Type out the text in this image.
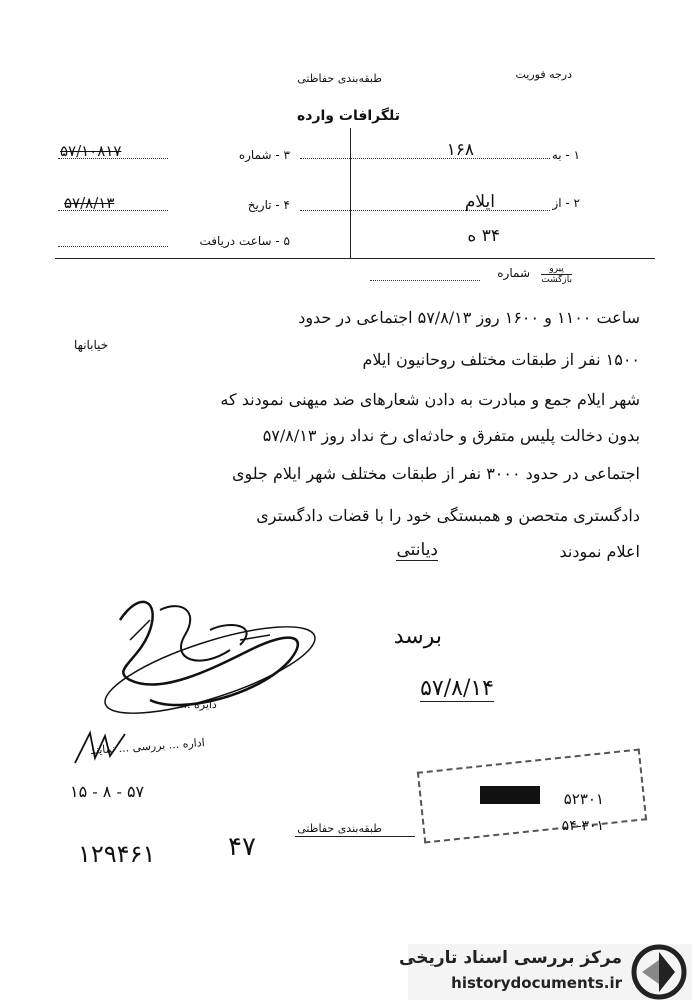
درجه فوریت
طبقه‌بندی حفاظتی
تلگرافات وارده
۱ - به
۱۶۸
۲ - از
ایلام
۳۴ ه
۳ - شماره
۵۷/۱۰۸۱۷
۴ - تاریخ
۵۷/۸/۱۳
۵ - ساعت دریافت
پیرو
بازگشت
شماره
ساعت ۱۱۰۰ و ۱۶۰۰ روز ۵۷/۸/۱۳ اجتماعی در حدود
خیابانها
۱۵۰۰ نفر از طبقات مختلف روحانیون ایلام
شهر ایلام جمع و مبادرت به دادن شعارهای ضد میهنی نمودند که
بدون دخالت پلیس متفرق و حادثه‌ای رخ نداد روز ۵۷/۸/۱۳
اجتماعی در حدود ۳۰۰۰ نفر از طبقات مختلف شهر ایلام جلوی
دادگستری متحصن و همبستگی خود را با قضات دادگستری
اعلام نمودند
دیانتی
دایره ...
برسد
۵۷/۸/۱۴
اداره ... بررسی ... نمایند
۵۷ - ۸ - ۱۵	۵۲۳۰۱
۵۴-۳۰۱
طبقه‌بندی حفاظتی
۱۲۹۴۶۱	۴۷
مرکز بررسی اسناد تاریخی
historydocuments.ir
